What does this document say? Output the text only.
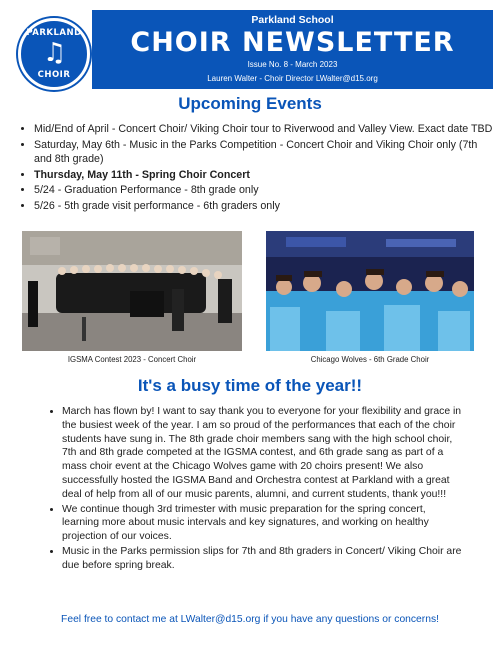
PARKLAND
♫
CHOIR
Parkland School
CHOIR NEWSLETTER
Issue No. 8 - March 2023
Lauren Walter - Choir Director LWalter@d15.org
Upcoming Events
• Mid/End of April - Concert Choir/ Viking Choir tour to Riverwood and Valley View. Exact date TBD
• Saturday, May 6th - Music in the Parks Competition - Concert Choir and Viking Choir only (7th and 8th grade)
• Thursday, May 11th - Spring Choir Concert
• 5/24 - Graduation Performance - 8th grade only
• 5/26 - 5th grade visit performance - 6th graders only
IGSMA Contest 2023 - Concert Choir	Chicago Wolves - 6th Grade Choir
It's a busy time of the year!!
• March has flown by! I want to say thank you to everyone for your flexibility and grace in the busiest week of the year. I am so proud of the performances that each of the choir students have sung in. The 8th grade choir members sang with the high school choir, 7th and 8th grade competed at the IGSMA contest, and 6th grade sang as part of a mass choir event at the Chicago Wolves game with 20 choirs present! We also successfully hosted the IGSMA Band and Orchestra contest at Parkland with a great deal of help from all of our music parents, alumni, and current students, thank you!!!
• We continue though 3rd trimester with music preparation for the spring concert, learning more about music intervals and key signatures, and working on healthy projection of our voices.
• Music in the Parks permission slips for 7th and 8th graders in Concert/ Viking Choir are due before spring break.
Feel free to contact me at LWalter@d15.org if you have any questions or concerns!
